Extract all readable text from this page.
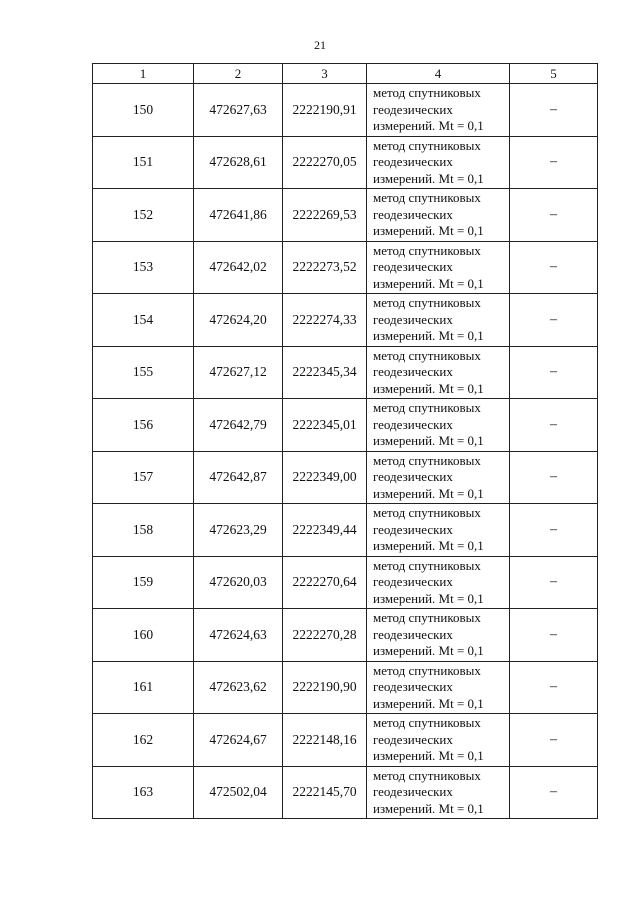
21
1	2	3	4	5
150	472627,63	2222190,91	метод спутниковых
геодезических
измерений. Mt = 0,1	–
151	472628,61	2222270,05	метод спутниковых
геодезических
измерений. Mt = 0,1	–
152	472641,86	2222269,53	метод спутниковых
геодезических
измерений. Mt = 0,1	–
153	472642,02	2222273,52	метод спутниковых
геодезических
измерений. Mt = 0,1	–
154	472624,20	2222274,33	метод спутниковых
геодезических
измерений. Mt = 0,1	–
155	472627,12	2222345,34	метод спутниковых
геодезических
измерений. Mt = 0,1	–
156	472642,79	2222345,01	метод спутниковых
геодезических
измерений. Mt = 0,1	–
157	472642,87	2222349,00	метод спутниковых
геодезических
измерений. Mt = 0,1	–
158	472623,29	2222349,44	метод спутниковых
геодезических
измерений. Mt = 0,1	–
159	472620,03	2222270,64	метод спутниковых
геодезических
измерений. Mt = 0,1	–
160	472624,63	2222270,28	метод спутниковых
геодезических
измерений. Mt = 0,1	–
161	472623,62	2222190,90	метод спутниковых
геодезических
измерений. Mt = 0,1	–
162	472624,67	2222148,16	метод спутниковых
геодезических
измерений. Mt = 0,1	–
163	472502,04	2222145,70	метод спутниковых
геодезических
измерений. Mt = 0,1	–
